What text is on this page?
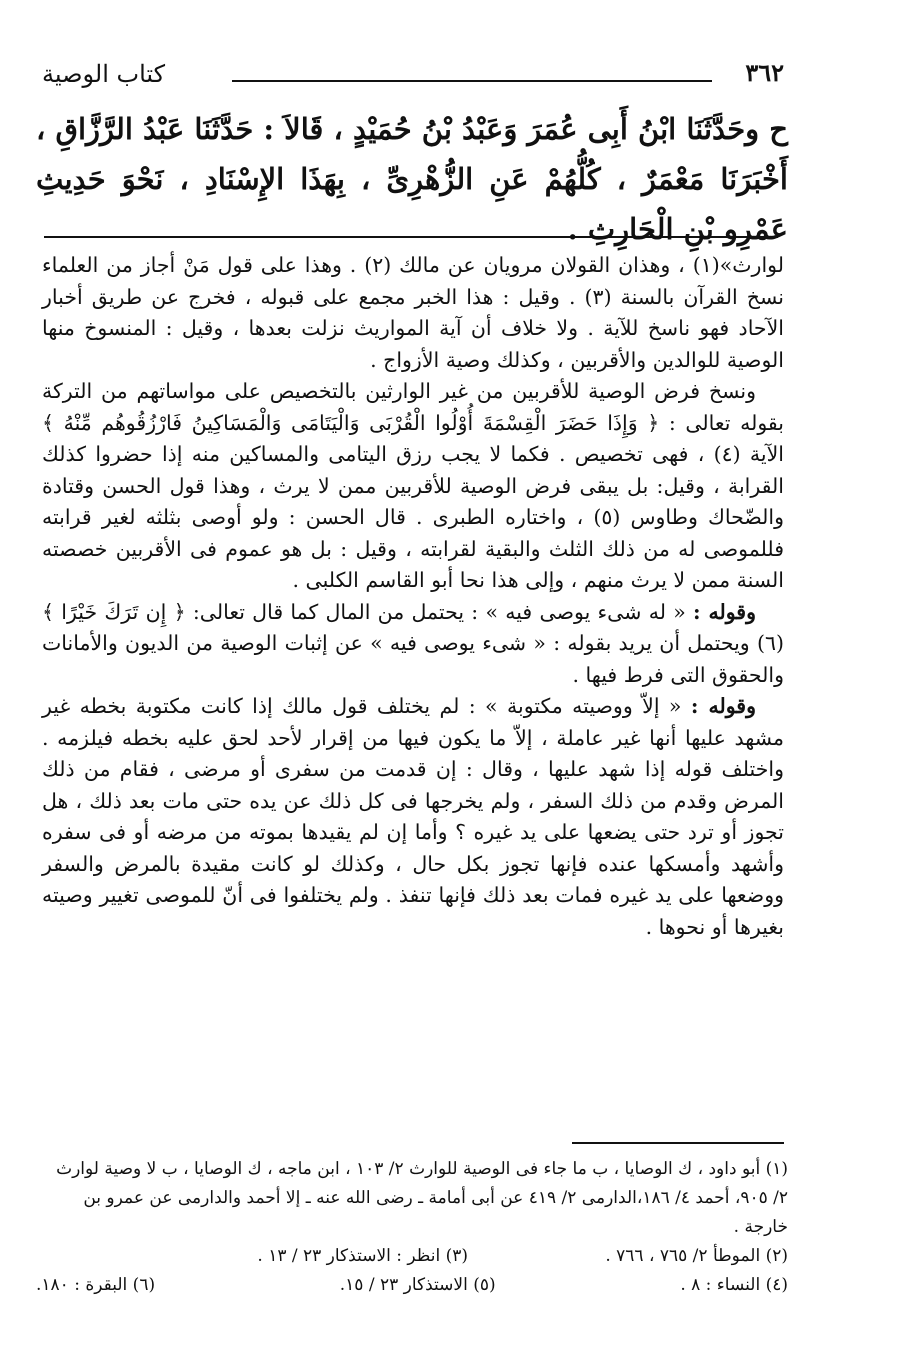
٣٦٢
كتاب الوصية
ح وحَدَّثَنَا ابْنُ أَبِى عُمَرَ وَعَبْدُ بْنُ حُمَيْدٍ ، قَالاَ : حَدَّثَنَا عَبْدُ الرَّزَّاقِ ، أَخْبَرَنَا مَعْمَرٌ ، كُلُّهُمْ عَنِ الزُّهْرِىِّ ، بِهَذَا الإِسْنَادِ ، نَحْوَ حَدِيثِ عَمْرِو بْنِ الْحَارِثِ .

لوارث»(١) ، وهذان القولان مرويان عن مالك (٢) . وهذا على قول مَنْ أجاز من العلماء نسخ القرآن بالسنة (٣) . وقيل : هذا الخبر مجمع على قبوله ، فخرج عن طريق أخبار الآحاد فهو ناسخ للآية . ولا خلاف أن آية المواريث نزلت بعدها ، وقيل : المنسوخ منها الوصية للوالدين والأقربين ، وكذلك وصية الأزواج .

ونسخ فرض الوصية للأقربين من غير الوارثين بالتخصيص على مواساتهم من التركة بقوله تعالى : ﴿ وَإِذَا حَضَرَ الْقِسْمَةَ أُوْلُوا الْقُرْبَى وَالْيَتَامَى وَالْمَسَاكِينُ فَارْزُقُوهُم مِّنْهُ ﴾ الآية (٤) ، فهى تخصيص . فكما لا يجب رزق اليتامى والمساكين منه إذا حضروا كذلك القرابة ، وقيل: بل يبقى فرض الوصية للأقربين ممن لا يرث ، وهذا قول الحسن وقتادة والضّحاك وطاوس (٥) ، واختاره الطبرى . قال الحسن : ولو أوصى بثلثه لغير قرابته فللموصى له من ذلك الثلث والبقية لقرابته ، وقيل : بل هو عموم فى الأقربين خصصته السنة ممن لا يرث منهم ، وإلى هذا نحا أبو القاسم الكلبى .

وقوله : « له شىء يوصى فيه » : يحتمل من المال كما قال تعالى: ﴿ إِن تَرَكَ خَيْرًا ﴾(٦) ويحتمل أن يريد بقوله : « شىء يوصى فيه » عن إثبات الوصية من الديون والأمانات والحقوق التى فرط فيها .

وقوله : « إلاّ ووصيته مكتوبة » : لم يختلف قول مالك إذا كانت مكتوبة بخطه غير مشهد عليها أنها غير عاملة ، إلاّ ما يكون فيها من إقرار لأحد لحق عليه بخطه فيلزمه . واختلف قوله إذا شهد عليها ، وقال : إن قدمت من سفرى أو مرضى ، فقام من ذلك المرض وقدم من ذلك السفر ، ولم يخرجها فى كل ذلك عن يده حتى مات بعد ذلك ، هل تجوز أو ترد حتى يضعها على يد غيره ؟ وأما إن لم يقيدها بموته من مرضه أو فى سفره وأشهد وأمسكها عنده فإنها تجوز بكل حال ، وكذلك لو كانت مقيدة بالمرض والسفر ووضعها على يد غيره فمات بعد ذلك فإنها تنفذ . ولم يختلفوا فى أنّ للموصى تغيير وصيته بغيرها أو نحوها .

(١) أبو داود ، ك الوصايا ، ب ما جاء فى الوصية للوارث ٢/ ١٠٣ ، ابن ماجه ، ك الوصايا ، ب لا وصية لوارث ٢/ ٩٠٥، أحمد ٤/ ١٨٦،الدارمى ٢/ ٤١٩ عن أبى أمامة ـ رضى الله عنه ـ إلا أحمد والدارمى عن عمرو بن خارجة .

(٢) الموطأ ٢/ ٧٦٥ ، ٧٦٦ .

(٣) انظر : الاستذكار ٢٣ / ١٣ .

(٤) النساء : ٨ .

(٥) الاستذكار ٢٣ / ١٥.

(٦) البقرة : ١٨٠.
